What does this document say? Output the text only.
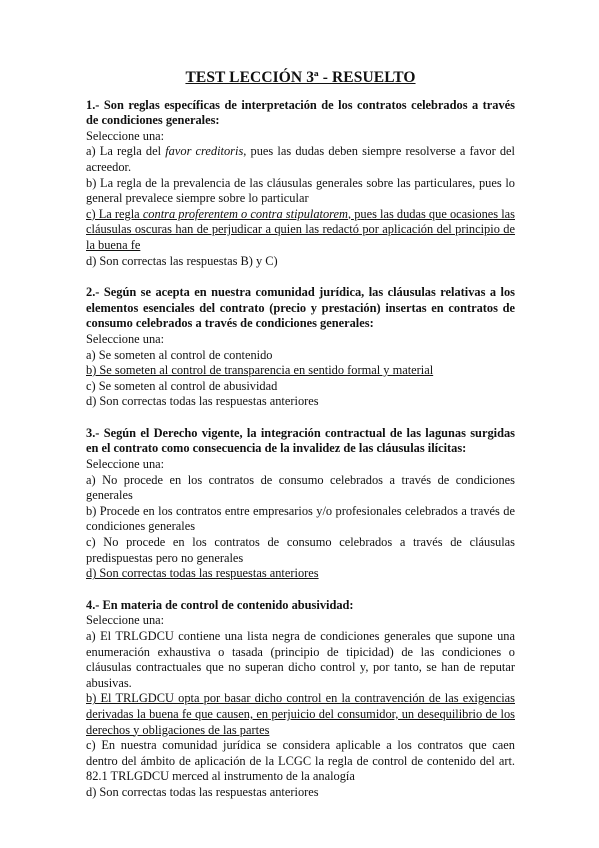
TEST LECCIÓN 3ª - RESUELTO
1.- Son reglas específicas de interpretación de los contratos celebrados a través de condiciones generales:
Seleccione una:
a) La regla del favor creditoris, pues las dudas deben siempre resolverse a favor del acreedor.
b) La regla de la prevalencia de las cláusulas generales sobre las particulares, pues lo general prevalece siempre sobre lo particular
c) La regla contra proferentem o contra stipulatorem, pues las dudas que ocasiones las cláusulas oscuras han de perjudicar a quien las redactó por aplicación del principio de la buena fe
d) Son correctas las respuestas B) y C)
2.- Según se acepta en nuestra comunidad jurídica, las cláusulas relativas a los elementos esenciales del contrato (precio y prestación) insertas en contratos de consumo celebrados a través de condiciones generales:
Seleccione una:
a) Se someten al control de contenido
b) Se someten al control de transparencia en sentido formal y material
c) Se someten al control de abusividad
d) Son correctas todas las respuestas anteriores
3.- Según el Derecho vigente, la integración contractual de las lagunas surgidas en el contrato como consecuencia de la invalidez de las cláusulas ilícitas:
Seleccione una:
a) No procede en los contratos de consumo celebrados a través de condiciones generales
b) Procede en los contratos entre empresarios y/o profesionales celebrados a través de condiciones generales
c) No procede en los contratos de consumo celebrados a través de cláusulas predispuestas pero no generales
d) Son correctas todas las respuestas anteriores
4.- En materia de control de contenido abusividad:
Seleccione una:
a) El TRLGDCU contiene una lista negra de condiciones generales que supone una enumeración exhaustiva o tasada (principio de tipicidad) de las condiciones o cláusulas contractuales que no superan dicho control y, por tanto, se han de reputar abusivas.
b) El TRLGDCU opta por basar dicho control en la contravención de las exigencias derivadas la buena fe que causen, en perjuicio del consumidor, un desequilibrio de los derechos y obligaciones de las partes
c) En nuestra comunidad jurídica se considera aplicable a los contratos que caen dentro del ámbito de aplicación de la LCGC la regla de control de contenido del art. 82.1 TRLGDCU merced al instrumento de la analogía
d) Son correctas todas las respuestas anteriores
